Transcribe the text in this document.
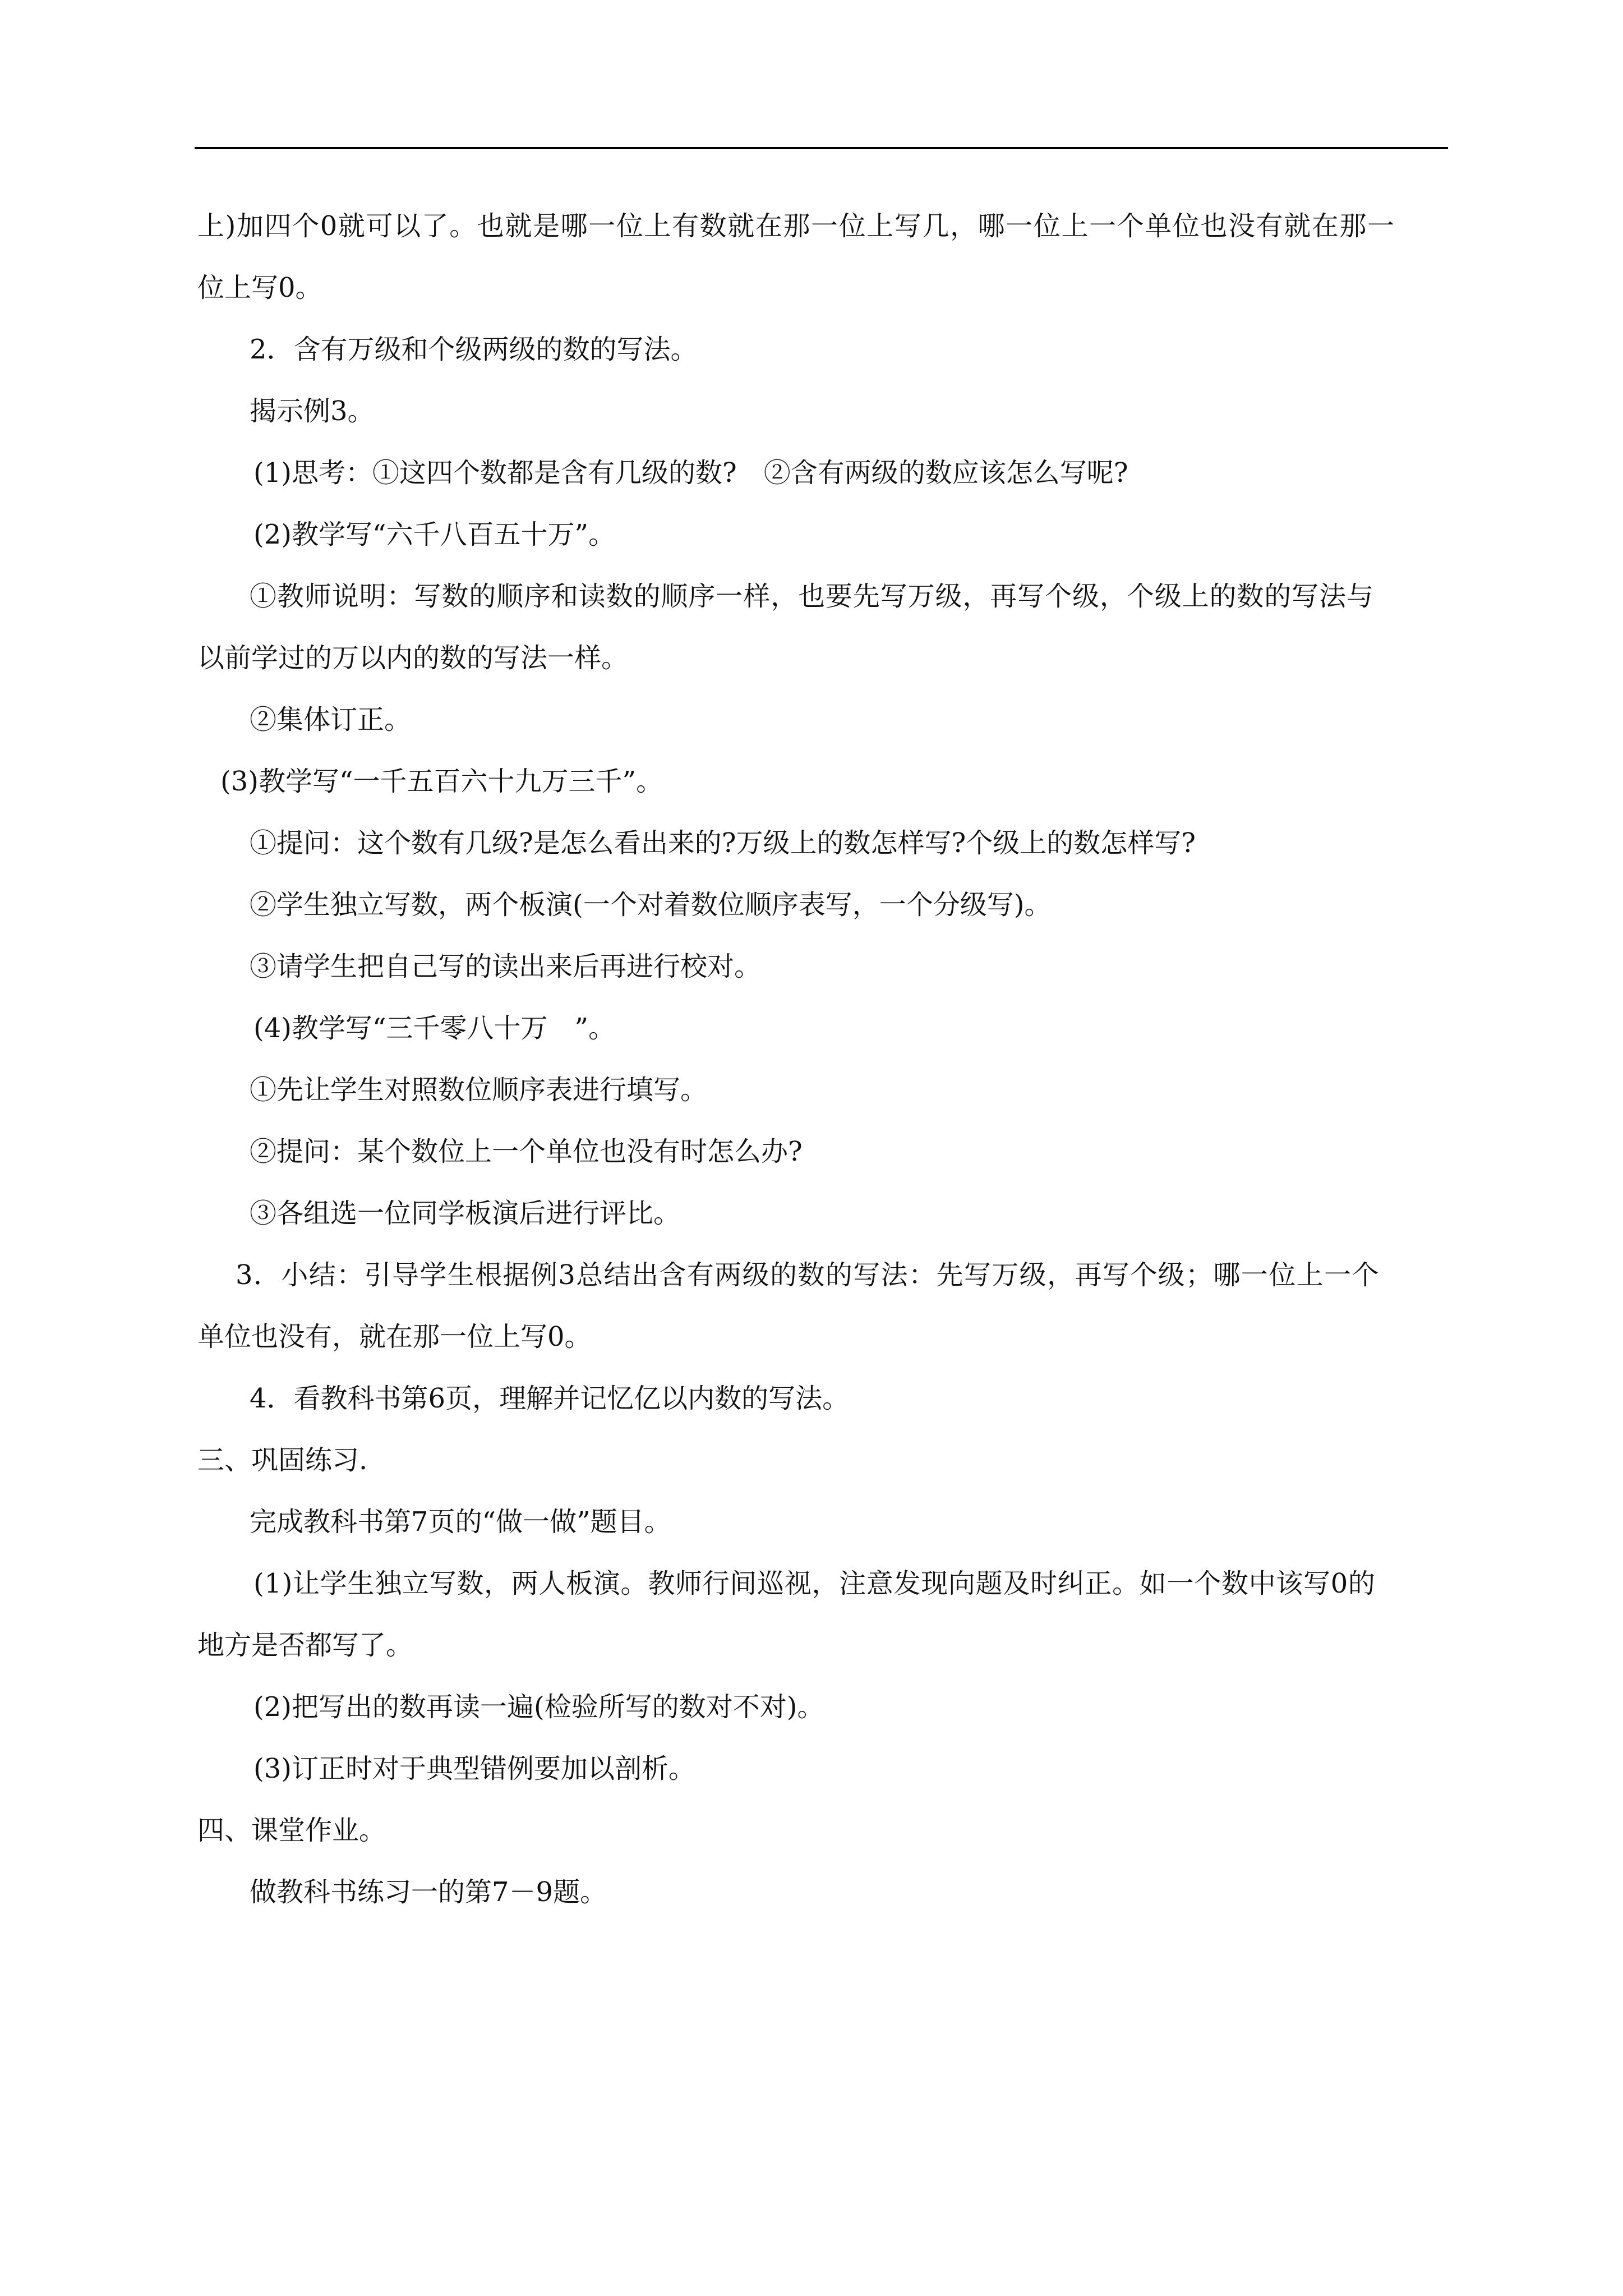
上)加四个0就可以了。也就是哪一位上有数就在那一位上写几，哪一位上一个单位也没有就在那一
位上写0。
2．含有万级和个级两级的数的写法。
揭示例3。
(1)思考：①这四个数都是含有几级的数?　②含有两级的数应该怎么写呢?
(2)教学写“六千八百五十万”。
①教师说明：写数的顺序和读数的顺序一样，也要先写万级，再写个级，个级上的数的写法与
以前学过的万以内的数的写法一样。
②集体订正。
(3)教学写“一千五百六十九万三千”。
①提问：这个数有几级?是怎么看出来的?万级上的数怎样写?个级上的数怎样写?
②学生独立写数，两个板演(一个对着数位顺序表写，一个分级写)。
③请学生把自己写的读出来后再进行校对。
(4)教学写“三千零八十万　”。
①先让学生对照数位顺序表进行填写。
②提问：某个数位上一个单位也没有时怎么办?
③各组选一位同学板演后进行评比。
3．小结：引导学生根据例3总结出含有两级的数的写法：先写万级，再写个级；哪一位上一个
单位也没有，就在那一位上写0。
4．看教科书第6页，理解并记忆亿以内数的写法。
三、巩固练习.
完成教科书第7页的“做一做”题目。
(1)让学生独立写数，两人板演。教师行间巡视，注意发现向题及时纠正。如一个数中该写0的
地方是否都写了。
(2)把写出的数再读一遍(检验所写的数对不对)。
(3)订正时对于典型错例要加以剖析。
四、课堂作业。
做教科书练习一的第7－9题。
